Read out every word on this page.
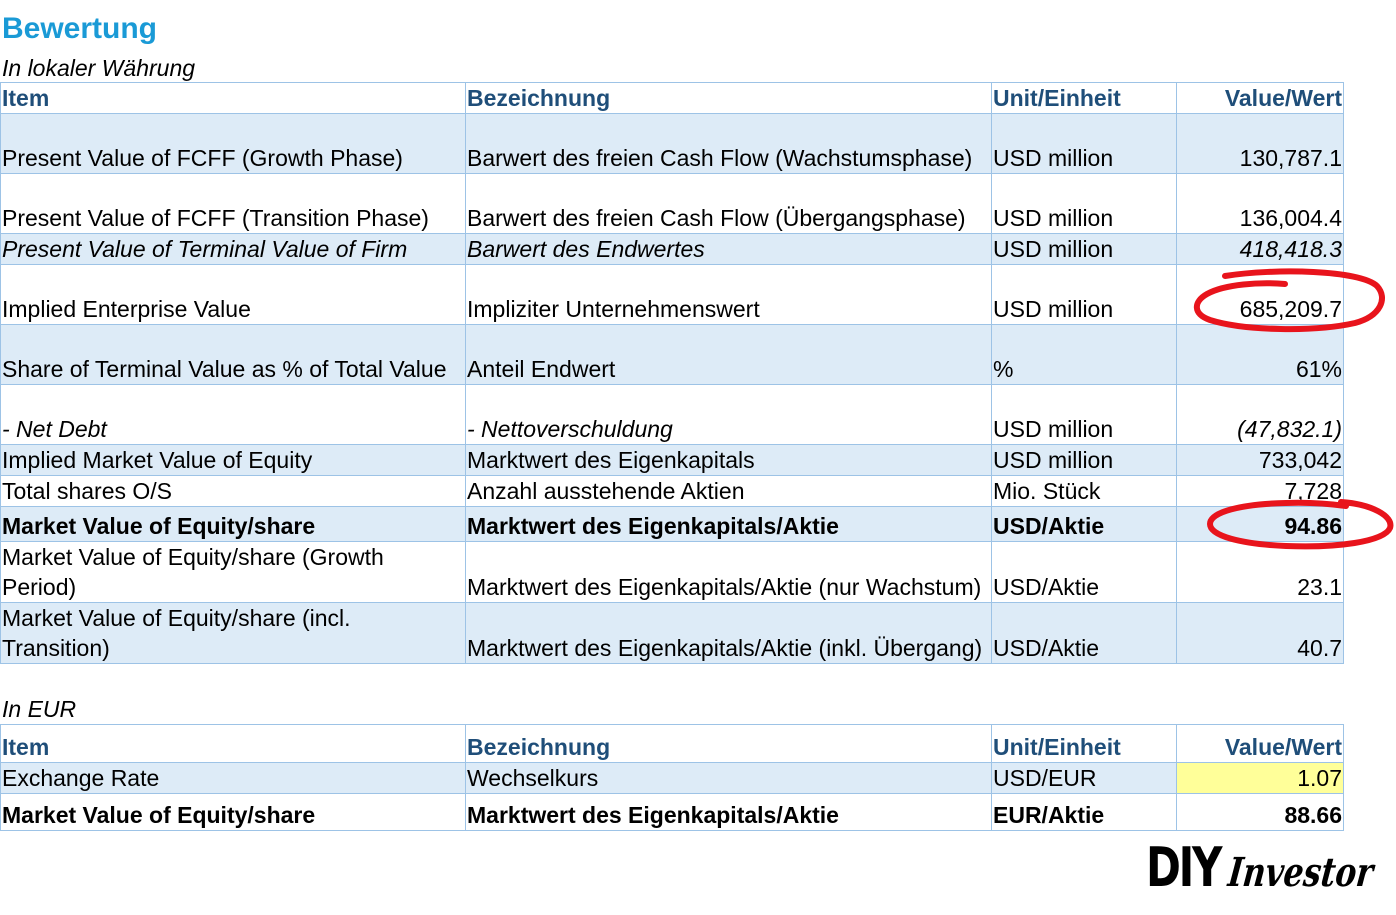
Bewertung
In lokaler Währung
Item	Bezeichnung	Unit/Einheit	Value/Wert
Present Value of FCFF (Growth Phase)	Barwert des freien Cash Flow (Wachstumsphase)	USD million	130,787.1
Present Value of FCFF (Transition Phase)	Barwert des freien Cash Flow (Übergangsphase)	USD million	136,004.4
Present Value of Terminal Value of Firm	Barwert des Endwertes	USD million	418,418.3
Implied Enterprise Value	Impliziter Unternehmenswert	USD million	685,209.7
Share of Terminal Value as % of Total Value	Anteil Endwert	%	61%
- Net Debt	- Nettoverschuldung	USD million	(47,832.1)
Implied Market Value of Equity	Marktwert des Eigenkapitals	USD million	733,042
Total shares O/S	Anzahl ausstehende Aktien	Mio. Stück	7,728
Market Value of Equity/share	Marktwert des Eigenkapitals/Aktie	USD/Aktie	94.86
Market Value of Equity/share (Growth Period)	Marktwert des Eigenkapitals/Aktie (nur Wachstum)	USD/Aktie	23.1
Market Value of Equity/share (incl. Transition)	Marktwert des Eigenkapitals/Aktie (inkl. Übergang)	USD/Aktie	40.7
In EUR
Item	Bezeichnung	Unit/Einheit	Value/Wert
Exchange Rate	Wechselkurs	USD/EUR	1.07
Market Value of Equity/share	Marktwert des Eigenkapitals/Aktie	EUR/Aktie	88.66
DIY Investor
